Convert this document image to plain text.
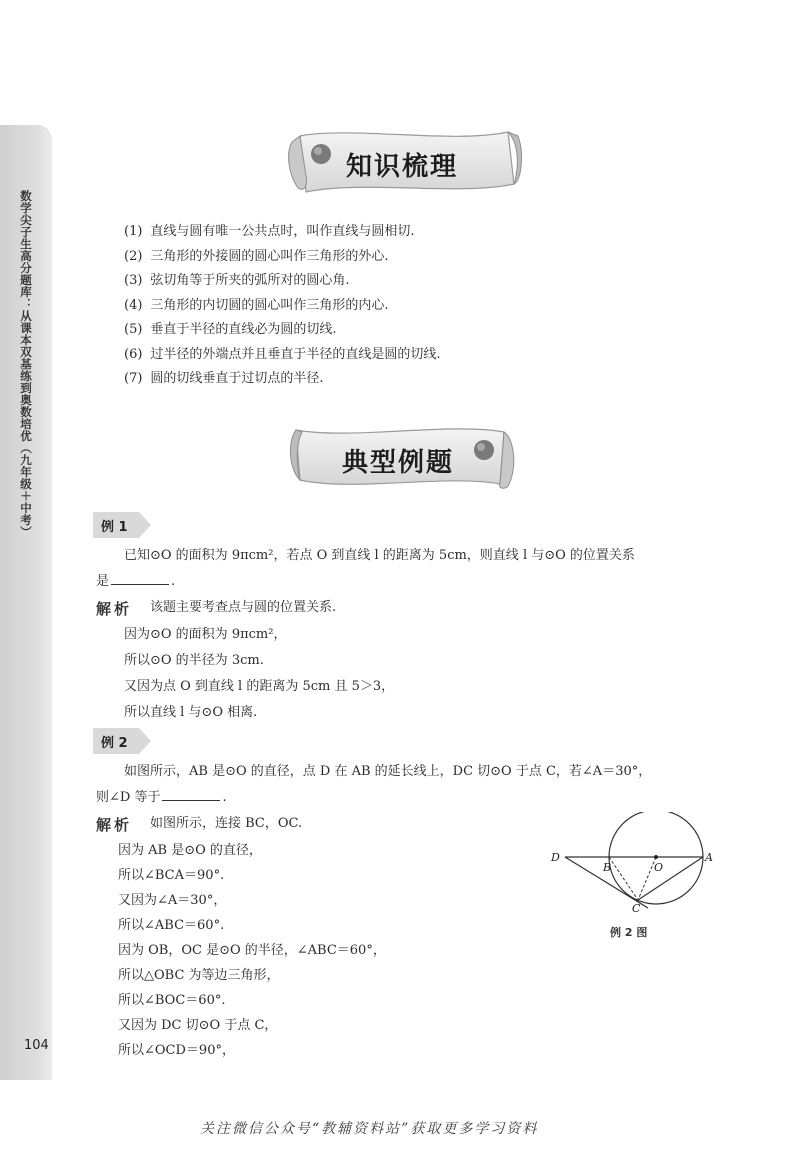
数学尖子生高分题库：从课本双基练到奥数培优（九年级＋中考）
104
知识梳理
(1) 直线与圆有唯一公共点时，叫作直线与圆相切.
(2) 三角形的外接圆的圆心叫作三角形的外心.
(3) 弦切角等于所夹的弧所对的圆心角.
(4) 三角形的内切圆的圆心叫作三角形的内心.
(5) 垂直于半径的直线必为圆的切线.
(6) 过半径的外端点并且垂直于半径的直线是圆的切线.
(7) 圆的切线垂直于过切点的半径.
典型例题
例 1
已知⊙O 的面积为 9πcm²，若点 O 到直线 l 的距离为 5cm，则直线 l 与⊙O 的位置关系
是	.
解析 该题主要考查点与圆的位置关系.
因为⊙O 的面积为 9πcm²，
所以⊙O 的半径为 3cm.
又因为点 O 到直线 l 的距离为 5cm 且 5＞3，
所以直线 l 与⊙O 相离.
例 2
如图所示，AB 是⊙O 的直径，点 D 在 AB 的延长线上，DC 切⊙O 于点 C，若∠A＝30°，
则∠D 等于	.
解析 如图所示，连接 BC，OC.
因为 AB 是⊙O 的直径，
所以∠BCA＝90°.
又因为∠A＝30°，
所以∠ABC＝60°.
因为 OB，OC 是⊙O 的半径，∠ABC＝60°，
所以△OBC 为等边三角形，
所以∠BOC＝60°.
又因为 DC 切⊙O 于点 C，
所以∠OCD＝90°，
D
B	O
A
C
例 2 图
关注微信公众号“教辅资料站”获取更多学习资料
